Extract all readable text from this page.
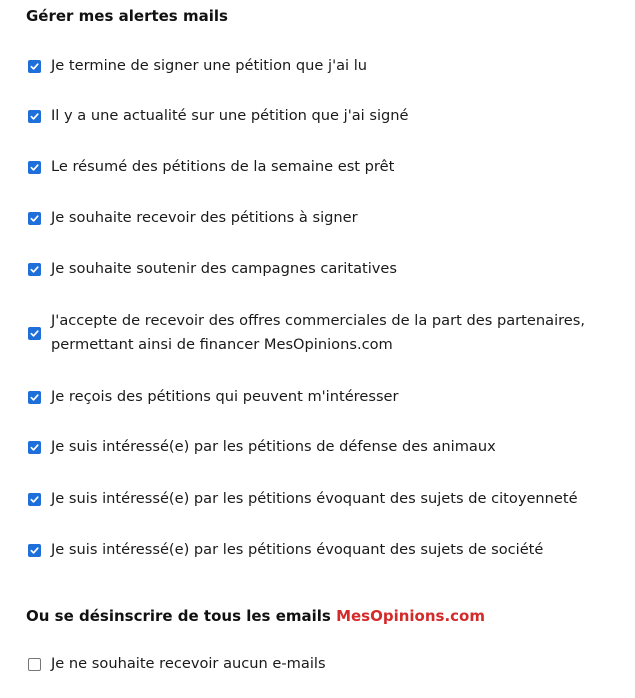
Gérer mes alertes mails
Je termine de signer une pétition que j'ai lu
Il y a une actualité sur une pétition que j'ai signé
Le résumé des pétitions de la semaine est prêt
Je souhaite recevoir des pétitions à signer
Je souhaite soutenir des campagnes caritatives
J'accepte de recevoir des offres commerciales de la part des partenaires, permettant ainsi de financer MesOpinions.com
Je reçois des pétitions qui peuvent m'intéresser
Je suis intéressé(e) par les pétitions de défense des animaux
Je suis intéressé(e) par les pétitions évoquant des sujets de citoyenneté
Je suis intéressé(e) par les pétitions évoquant des sujets de société
Ou se désinscrire de tous les emails MesOpinions.com
Je ne souhaite recevoir aucun e-mails
